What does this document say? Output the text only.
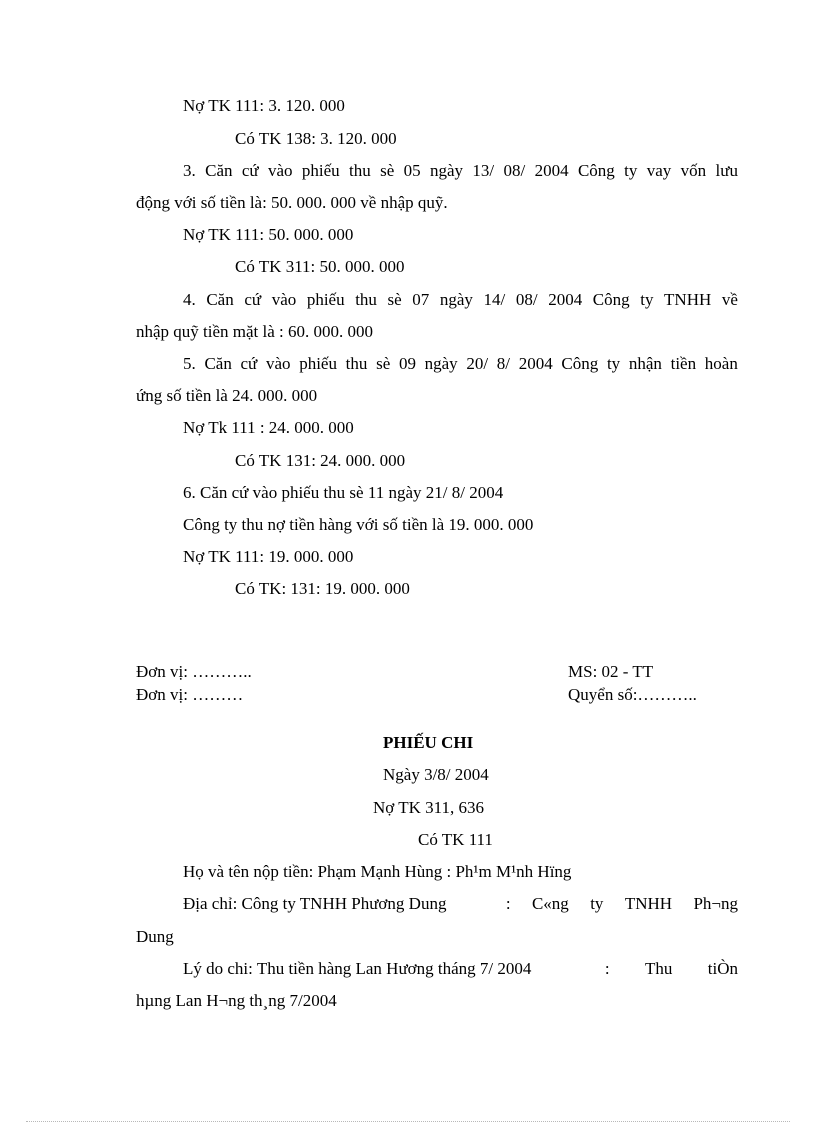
Nợ TK 111: 3. 120. 000
Có TK 138: 3. 120. 000
3. Căn cứ vào phiếu thu sè 05 ngày 13/ 08/ 2004 Công ty vay vốn lưu
động với số tiền là: 50. 000. 000 về nhập quỹ.
Nợ TK 111: 50. 000. 000
Có TK 311: 50. 000. 000
4. Căn cứ vào phiếu thu sè 07 ngày 14/ 08/ 2004 Công ty TNHH về
nhập quỹ tiền mặt là : 60. 000. 000
5. Căn cứ vào phiếu thu sè 09 ngày 20/ 8/ 2004 Công ty nhận tiền hoàn
ứng số tiền là 24. 000. 000
Nợ Tk 111 : 24. 000. 000
Có TK 131: 24. 000. 000
6. Căn cứ vào phiếu thu sè 11 ngày 21/ 8/ 2004
Công ty thu nợ tiền hàng với số tiền là 19. 000. 000
Nợ TK 111: 19. 000. 000
Có TK: 131: 19. 000. 000
Đơn vị: ………..
Đơn vị: ………
MS: 02 - TT
Quyển số:………..
PHIẾU CHI
Ngày 3/8/ 2004
Nợ TK 311, 636
Có TK 111
Họ và tên nộp tiền: Phạm Mạnh Hùng : Ph¹m M¹nh Hïng
Địa chỉ: Công ty TNHH Phương Dung	: C«ng ty TNHH Ph¬ng
Dung
Lý do chi: Thu tiền hàng Lan Hương tháng 7/ 2004	: Thu tiÒn
hµng Lan H¬ng th¸ng 7/2004
